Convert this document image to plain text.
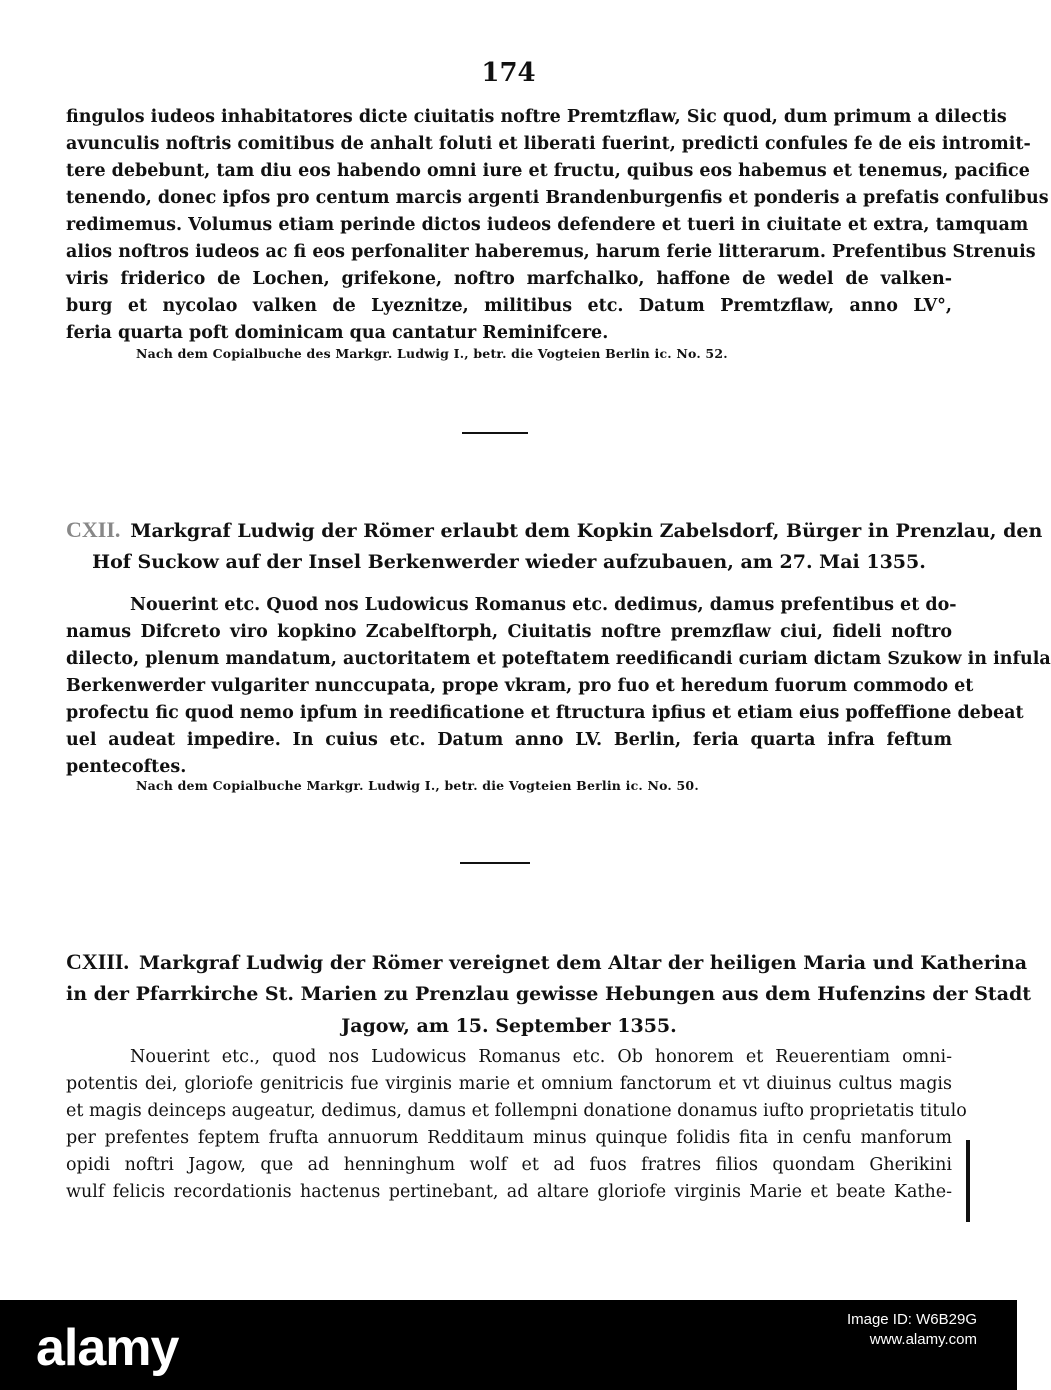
174
fingulos iudeos inhabitatores dicte ciuitatis noftre Premtzflaw, Sic quod, dum primum a dilectis
avunculis noftris comitibus de anhalt foluti et liberati fuerint, predicti confules fe de eis intromit-
tere debebunt, tam diu eos habendo omni iure et fructu, quibus eos habemus et tenemus, pacifice
tenendo, donec ipfos pro centum marcis argenti Brandenburgenfis et ponderis a prefatis confulibus
redimemus. Volumus etiam perinde dictos iudeos defendere et tueri in ciuitate et extra, tamquam
alios noftros iudeos ac fi eos perfonaliter haberemus, harum ferie litterarum. Prefentibus Strenuis
viris friderico de Lochen, grifekone, noftro marfchalko, haffone de wedel de valken-
burg et nycolao valken de Lyeznitze, militibus etc. Datum Premtzflaw, anno LV°,
feria quarta poft dominicam qua cantatur Reminifcere.
Nach dem Copialbuche des Markgr. Ludwig I., betr. die Vogteien Berlin ic. No. 52.
CXII. Markgraf Ludwig der Römer erlaubt dem Kopkin Zabelsdorf, Bürger in Prenzlau, den
Hof Suckow auf der Insel Berkenwerder wieder aufzubauen, am 27. Mai 1355.
Nouerint etc. Quod nos Ludowicus Romanus etc. dedimus, damus prefentibus et do-
namus Difcreto viro kopkino Zcabelftorph, Ciuitatis noftre premzflaw ciui, fideli noftro
dilecto, plenum mandatum, auctoritatem et poteftatem reedificandi curiam dictam Szukow in infula
Berkenwerder vulgariter nunccupata, prope vkram, pro fuo et heredum fuorum commodo et
profectu fic quod nemo ipfum in reedificatione et ftructura ipfius et etiam eius poffeffione debeat
uel audeat impedire. In cuius etc. Datum anno LV. Berlin, feria quarta infra feftum
pentecoftes.
Nach dem Copialbuche Markgr. Ludwig I., betr. die Vogteien Berlin ic. No. 50.
CXIII. Markgraf Ludwig der Römer vereignet dem Altar der heiligen Maria und Katherina
in der Pfarrkirche St. Marien zu Prenzlau gewisse Hebungen aus dem Hufenzins der Stadt
Jagow, am 15. September 1355.
Nouerint etc., quod nos Ludowicus Romanus etc. Ob honorem et Reuerentiam omni-
potentis dei, gloriofe genitricis fue virginis marie et omnium fanctorum et vt diuinus cultus magis
et magis deinceps augeatur, dedimus, damus et follempni donatione donamus iufto proprietatis titulo
per prefentes feptem frufta annuorum Redditaum minus quinque folidis fita in cenfu manforum
opidi noftri Jagow, que ad henninghum wolf et ad fuos fratres filios quondam Gherikini
wulf felicis recordationis hactenus pertinebant, ad altare gloriofe virginis Marie et beate Kathe-
alamy	Image ID: W6B29G
www.alamy.com
